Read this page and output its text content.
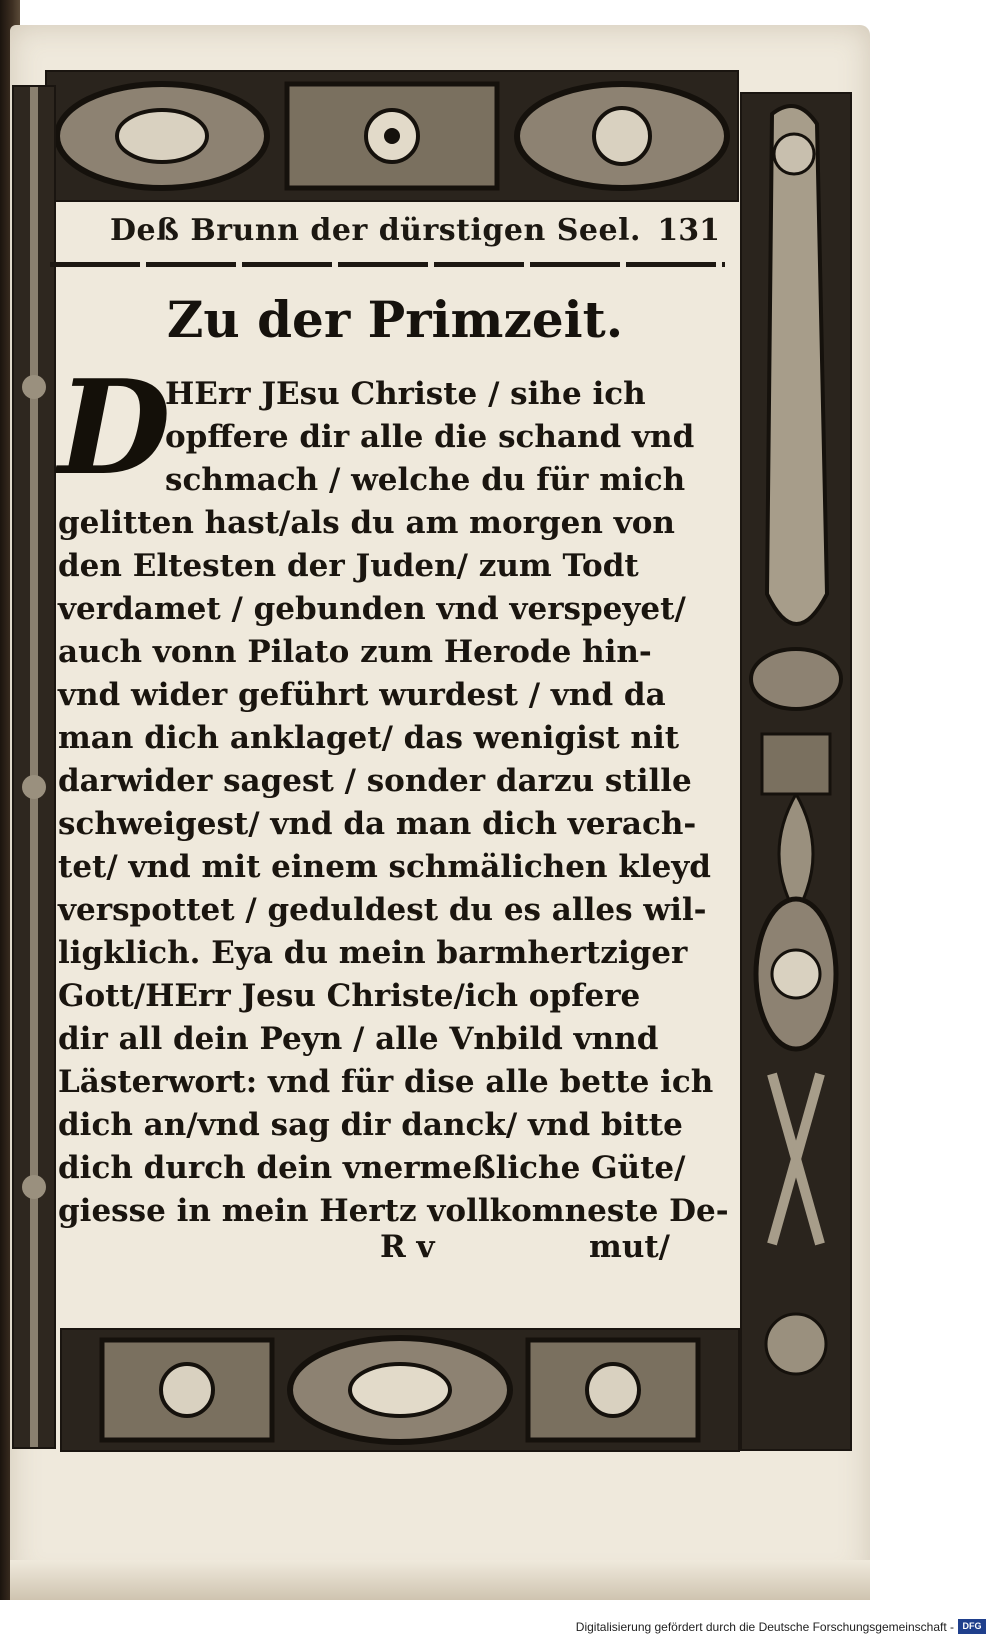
Deß Brunn der dürstigen Seel. 131
Zu der Primzeit.
D
HErr JEsu Christe / sihe ich
opffere dir alle die schand vnd
schmach / welche du für mich
gelitten hast/als du am morgen von
den Eltesten der Juden/ zum Todt
verdamet / gebunden vnd verspeyet/
auch vonn Pilato zum Herode hin-
vnd wider geführt wurdest / vnd da
man dich anklaget/ das wenigist nit
darwider sagest / sonder darzu stille
schweigest/ vnd da man dich verach-
tet/ vnd mit einem schmälichen kleyd
verspottet / geduldest du es alles wil-
ligklich. Eya du mein barmhertziger
Gott/HErr Jesu Christe/ich opfere
dir all dein Peyn / alle Vnbild vnnd
Lästerwort: vnd für dise alle bette ich
dich an/vnd sag dir danck/ vnd bitte
dich durch dein vnermeßliche Güte/
giesse in mein Hertz vollkomneste De-
R v	mut/
Digitalisierung gefördert durch die Deutsche Forschungsgemeinschaft - DFG
